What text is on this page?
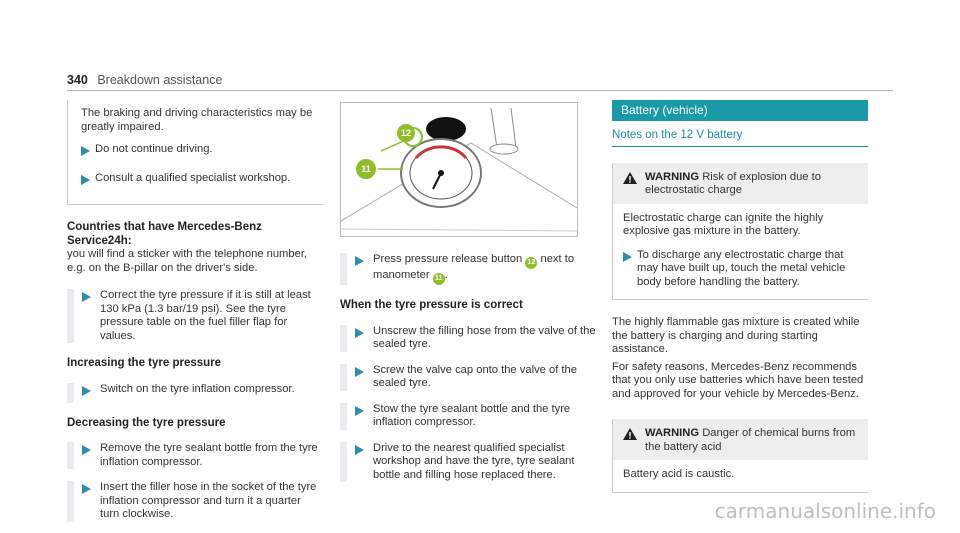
340 Breakdown assistance

The braking and driving characteristics may be greatly impaired.

Do not continue driving.
Consult a qualified specialist workshop.
Countries that have Mercedes-Benz Service24h:
you will find a sticker with the telephone number, e.g. on the B-pillar on the driver's side.
Correct the tyre pressure if it is still at least 130 kPa (1.3 bar/19 psi). See the tyre pressure table on the fuel filler flap for values.
Increasing the tyre pressure
Switch on the tyre inflation compressor.
Decreasing the tyre pressure
Remove the tyre sealant bottle from the tyre inflation compressor.
Insert the filler hose in the socket of the tyre inflation compressor and turn it a quarter turn clockwise.
12
11
Press pressure release button 12 next to manometer 11 .
When the tyre pressure is correct
Unscrew the filling hose from the valve of the sealed tyre.
Screw the valve cap onto the valve of the sealed tyre.
Stow the tyre sealant bottle and the tyre inflation compressor.
Drive to the nearest qualified specialist workshop and have the tyre, tyre sealant bottle and filling hose replaced there.
Battery (vehicle)
Notes on the 12 V battery
WARNING Risk of explosion due to electrostatic charge
Electrostatic charge can ignite the highly explosive gas mixture in the battery.
To discharge any electrostatic charge that may have built up, touch the metal vehicle body before handling the battery.
The highly flammable gas mixture is created while the battery is charging and during starting assistance.
For safety reasons, Mercedes-Benz recommends that you only use batteries which have been tested and approved for your vehicle by Mercedes-Benz.
WARNING Danger of chemical burns from the battery acid
Battery acid is caustic.
carmanualsonline.info
